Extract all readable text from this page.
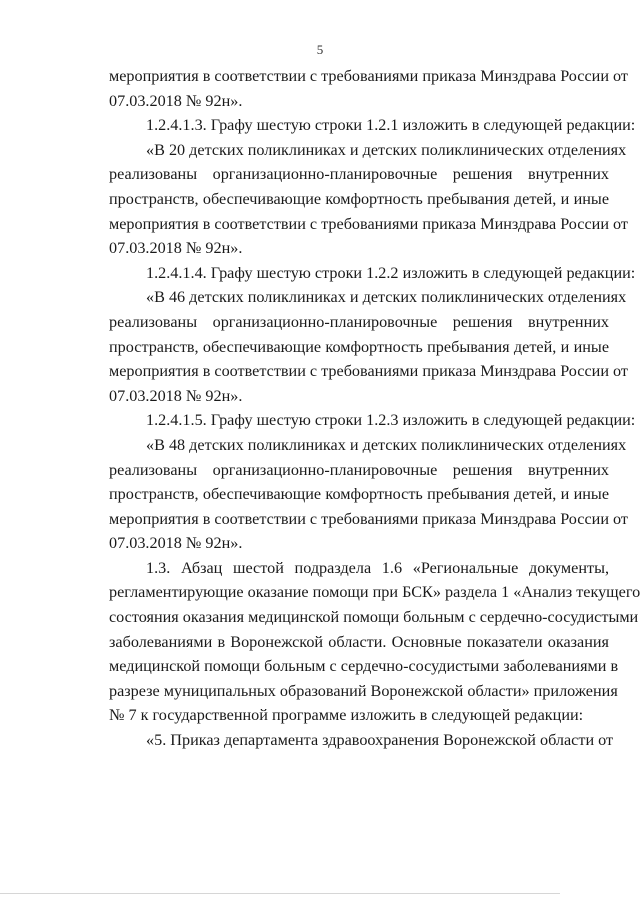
5
мероприятия в соответствии с требованиями приказа Минздрава России от
07.03.2018 № 92н».
1.2.4.1.3. Графу шестую строки 1.2.1 изложить в следующей редакции:
«В 20 детских поликлиниках и детских поликлинических отделениях
реализованы организационно-планировочные решения внутренних
пространств, обеспечивающие комфортность пребывания детей, и иные
мероприятия в соответствии с требованиями приказа Минздрава России от
07.03.2018 № 92н».
1.2.4.1.4. Графу шестую строки 1.2.2 изложить в следующей редакции:
«В 46 детских поликлиниках и детских поликлинических отделениях
реализованы организационно-планировочные решения внутренних
пространств, обеспечивающие комфортность пребывания детей, и иные
мероприятия в соответствии с требованиями приказа Минздрава России от
07.03.2018 № 92н».
1.2.4.1.5. Графу шестую строки 1.2.3 изложить в следующей редакции:
«В 48 детских поликлиниках и детских поликлинических отделениях
реализованы организационно-планировочные решения внутренних
пространств, обеспечивающие комфортность пребывания детей, и иные
мероприятия в соответствии с требованиями приказа Минздрава России от
07.03.2018 № 92н».
1.3. Абзац шестой подраздела 1.6 «Региональные документы,
регламентирующие оказание помощи при БСК» раздела 1 «Анализ текущего
состояния оказания медицинской помощи больным с сердечно-сосудистыми
заболеваниями в Воронежской области. Основные показатели оказания
медицинской помощи больным с сердечно-сосудистыми заболеваниями в
разрезе муниципальных образований Воронежской области» приложения
№ 7 к государственной программе изложить в следующей редакции:
«5. Приказ департамента здравоохранения Воронежской области от
